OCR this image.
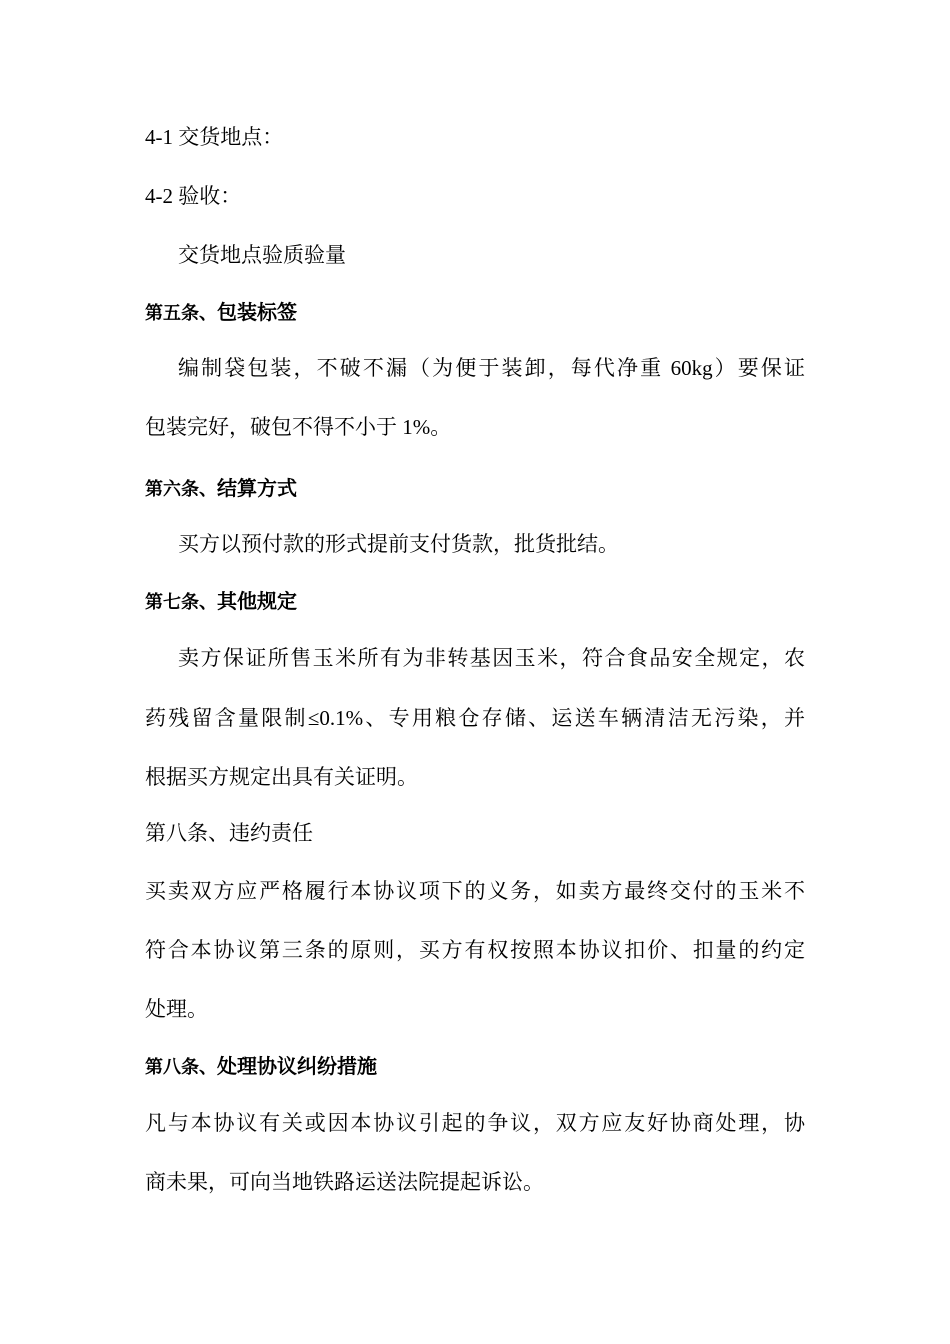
4-1 交货地点：
4-2 验收：
交货地点验质验量
第五条、包装标签
编制袋包装，不破不漏（为便于装卸，每代净重 60kg）要保证
包装完好，破包不得不小于 1%。
第六条、结算方式
买方以预付款的形式提前支付货款，批货批结。
第七条、其他规定
卖方保证所售玉米所有为非转基因玉米，符合食品安全规定，农
药残留含量限制≤0.1%、专用粮仓存储、运送车辆清洁无污染，并
根据买方规定出具有关证明。
第八条、违约责任
买卖双方应严格履行本协议项下的义务，如卖方最终交付的玉米不
符合本协议第三条的原则，买方有权按照本协议扣价、扣量的约定
处理。
第八条、处理协议纠纷措施
凡与本协议有关或因本协议引起的争议，双方应友好协商处理，协
商未果，可向当地铁路运送法院提起诉讼。
